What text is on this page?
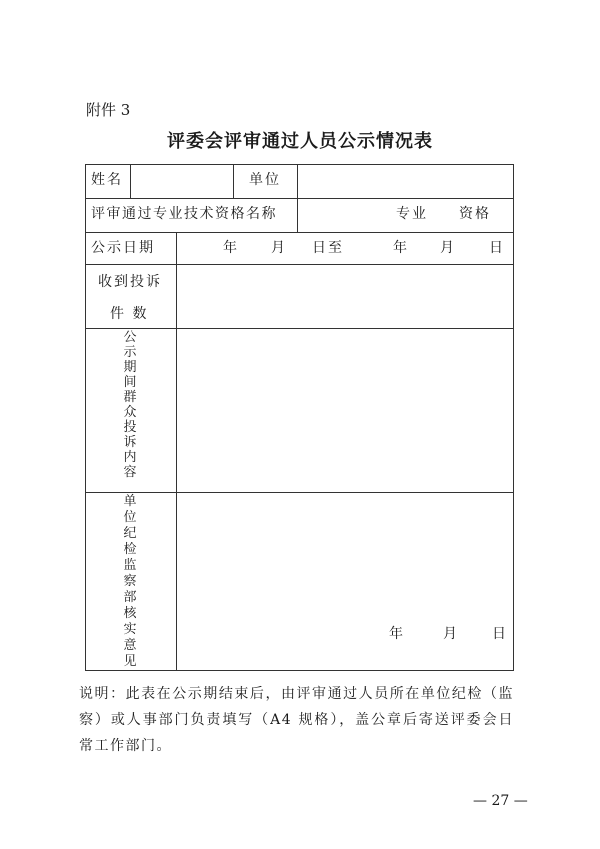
附件 3
评委会评审通过人员公示情况表
姓名	单位
评审通过专业技术资格名称	专业 资格
公示日期	年 月 日至	年 月 日
收到投诉
件 数
公示期间群众投诉内容
单位纪检监察部核实意见
年	月 日
说明：此表在公示期结束后，由评审通过人员所在单位纪检（监察）或人事部门负责填写（A4 规格），盖公章后寄送评委会日常工作部门。
— 27 —
